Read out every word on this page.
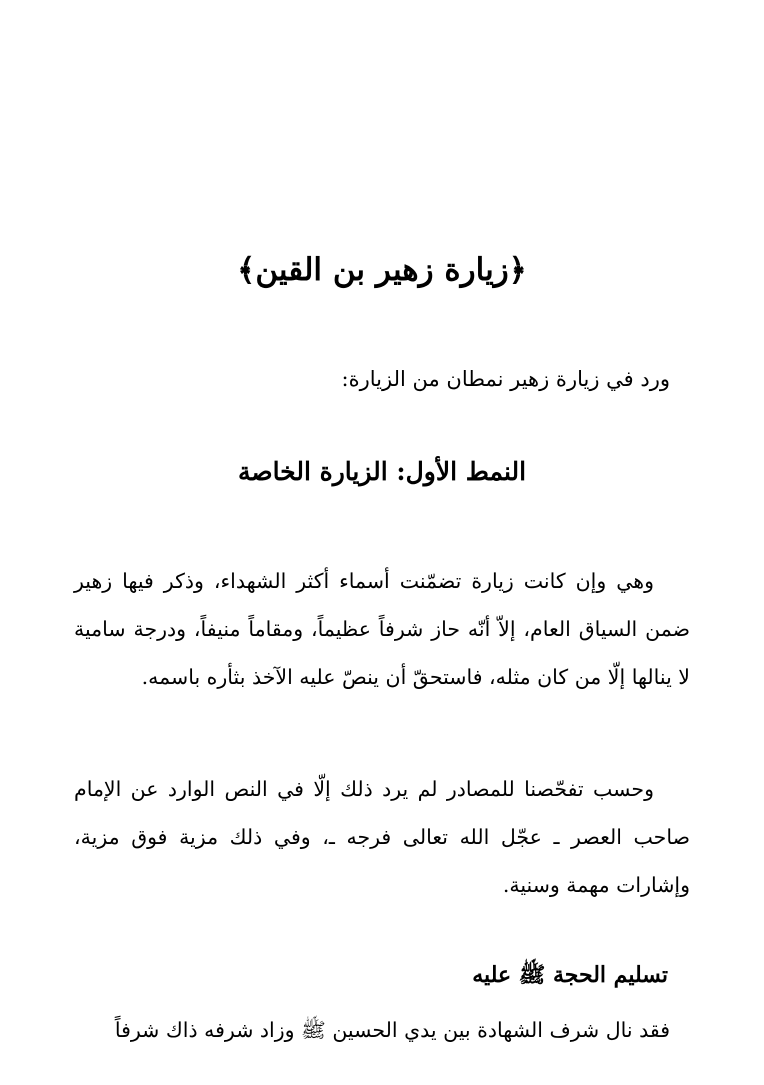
﴿زيارة زهير بن القين﴾
ورد في زيارة زهير نمطان من الزيارة:
النمط الأول: الزيارة الخاصة

وهي وإن كانت زيارة تضمّنت أسماء أكثر الشهداء، وذكر فيها زهير ضمن السياق العام، إلاّ أنّه حاز شرفاً عظيماً، ومقاماً منيفاً، ودرجة سامية لا ينالها إلّا من كان مثله، فاستحقّ أن ينصّ عليه الآخذ بثأره باسمه.

وحسب تفحّصنا للمصادر لم يرد ذلك إلّا في النص الوارد عن الإمام صاحب العصر ـ عجّل الله تعالى فرجه ـ، وفي ذلك مزية فوق مزية، وإشارات مهمة وسنية.

تسليم الحجة ﷺ عليه

فقد نال شرف الشهادة بين يدي الحسين ﷺ وزاد شرفه ذاك شرفاً
